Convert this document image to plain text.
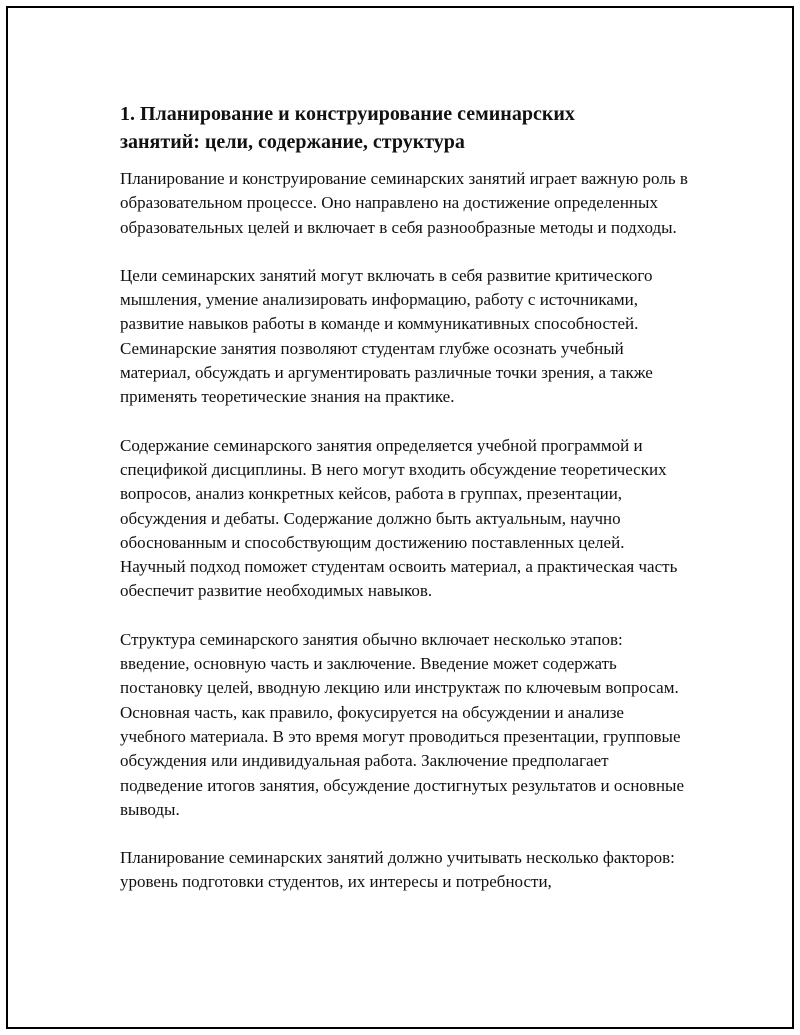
1. Планирование и конструирование семинарских занятий: цели, содержание, структура

Планирование и конструирование семинарских занятий играет важную роль в образовательном процессе. Оно направлено на достижение определенных образовательных целей и включает в себя разнообразные методы и подходы.

Цели семинарских занятий могут включать в себя развитие критического мышления, умение анализировать информацию, работу с источниками, развитие навыков работы в команде и коммуникативных способностей. Семинарские занятия позволяют студентам глубже осознать учебный материал, обсуждать и аргументировать различные точки зрения, а также применять теоретические знания на практике.

Содержание семинарского занятия определяется учебной программой и спецификой дисциплины. В него могут входить обсуждение теоретических вопросов, анализ конкретных кейсов, работа в группах, презентации, обсуждения и дебаты. Содержание должно быть актуальным, научно обоснованным и способствующим достижению поставленных целей. Научный подход поможет студентам освоить материал, а практическая часть обеспечит развитие необходимых навыков.

Структура семинарского занятия обычно включает несколько этапов: введение, основную часть и заключение. Введение может содержать постановку целей, вводную лекцию или инструктаж по ключевым вопросам. Основная часть, как правило, фокусируется на обсуждении и анализе учебного материала. В это время могут проводиться презентации, групповые обсуждения или индивидуальная работа. Заключение предполагает подведение итогов занятия, обсуждение достигнутых результатов и основные выводы.

Планирование семинарских занятий должно учитывать несколько факторов: уровень подготовки студентов, их интересы и потребности,
